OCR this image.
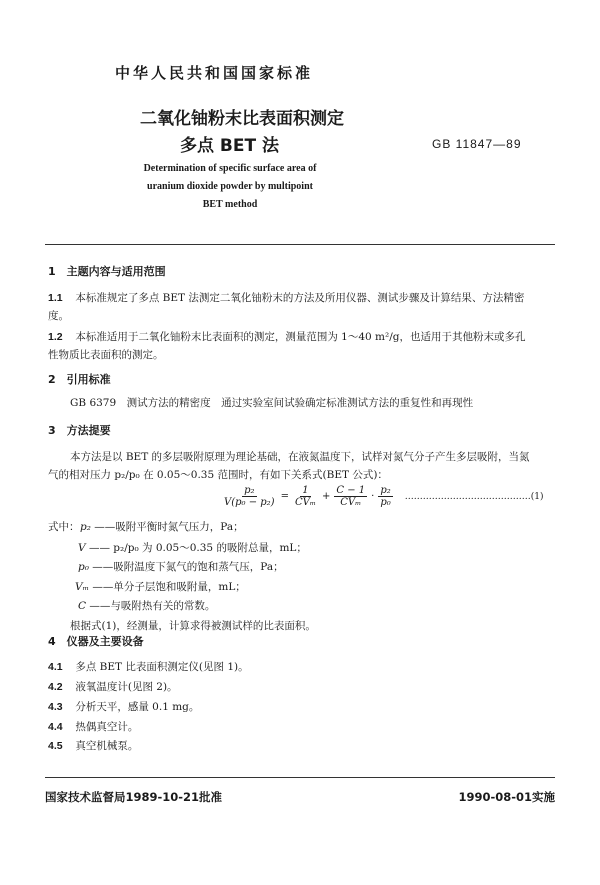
中华人民共和国国家标准
二氧化铀粉末比表面积测定
多点 BET 法	GB 11847—89
Determination of specific surface area of
uranium dioxide powder by multipoint
BET method
1　主题内容与适用范围
1.1 本标准规定了多点 BET 法测定二氧化铀粉末的方法及所用仪器、测试步骤及计算结果、方法精密
度。
1.2 本标准适用于二氧化铀粉末比表面积的测定，测量范围为 1～40 m²/g，也适用于其他粉末或多孔
性物质比表面积的测定。
2　引用标准
GB 6379　测试方法的精密度　通过实验室间试验确定标准测试方法的重复性和再现性
3　方法提要
本方法是以 BET 的多层吸附原理为理论基础，在液氮温度下，试样对氮气分子产生多层吸附，当氮
气的相对压力 p₂/p₀ 在 0.05～0.35 范围时，有如下关系式(BET 公式)：
$\frac{\text{p₂}}{\text{V(p₀ − p₂)}} = \frac{1}{\text{CVₘ}} + \frac{C - 1}{\text{CVₘ}} \cdot \frac{\text{p₂}}{\text{p₀}}$ ……………………………………(1)
式中： p₂ ——吸附平衡时氮气压力，Pa；
V —— p₂/p₀ 为 0.05～0.35 的吸附总量，mL；
p₀ ——吸附温度下氮气的饱和蒸气压，Pa；
Vₘ ——单分子层饱和吸附量，mL；
C ——与吸附热有关的常数。
根据式(1)，经测量，计算求得被测试样的比表面积。
4　仪器及主要设备
4.1 多点 BET 比表面积测定仪(见图 1)。
4.2 液氧温度计(见图 2)。
4.3 分析天平，感量 0.1 mg。
4.4 热偶真空计。
4.5 真空机械泵。
国家技术监督局1989-10-21批准	1990-08-01实施
